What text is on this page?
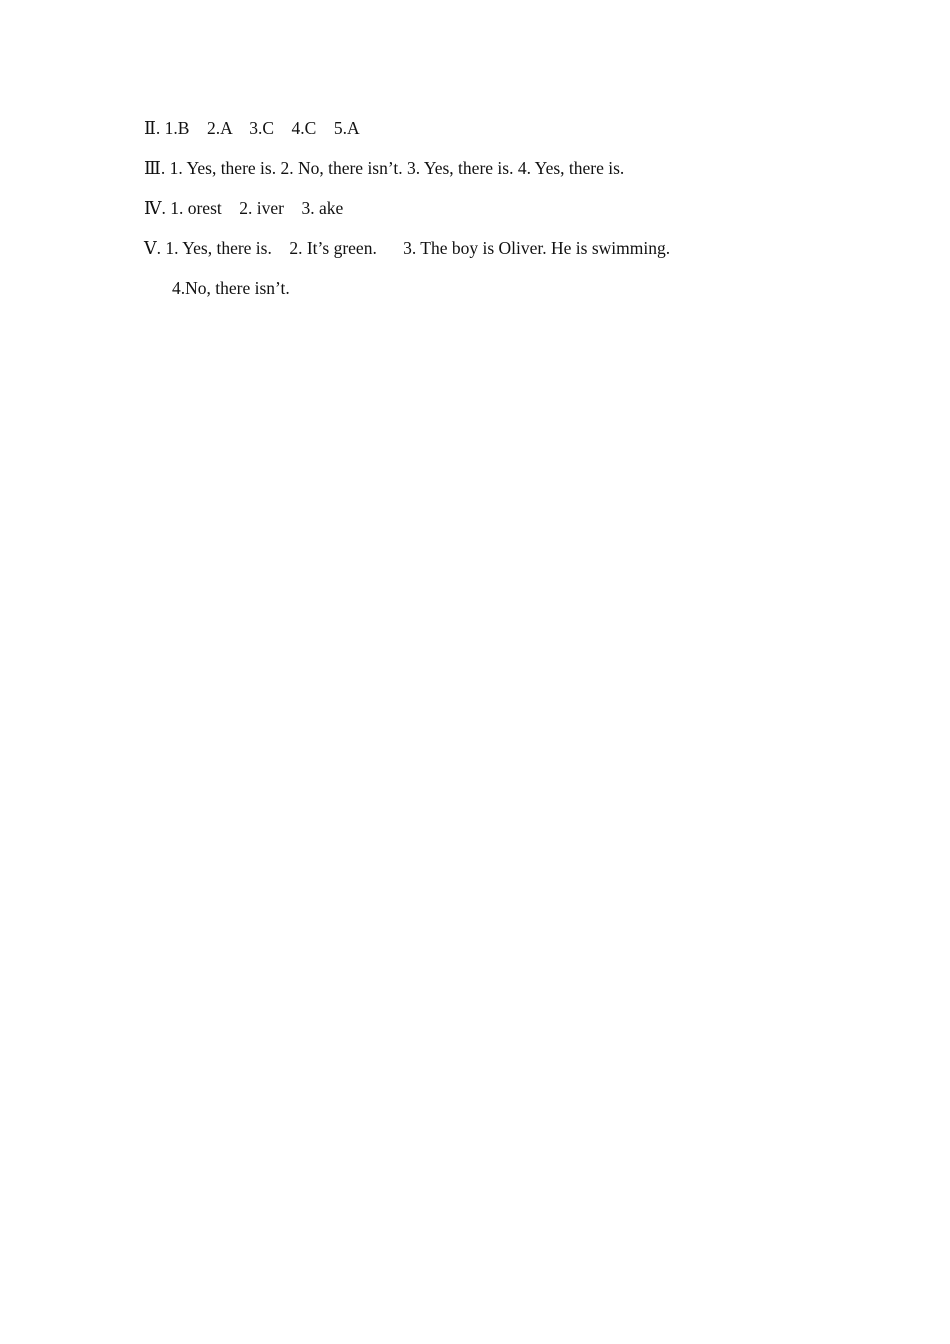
Ⅱ. 1.B    2.A    3.C    4.C    5.A
Ⅲ. 1. Yes, there is. 2. No, there isn’t. 3. Yes, there is. 4. Yes, there is.
Ⅳ. 1. orest    2. iver    3. ake
Ⅴ. 1. Yes, there is.    2. It’s green.      3. The boy is Oliver. He is swimming.
4.No, there isn’t.
